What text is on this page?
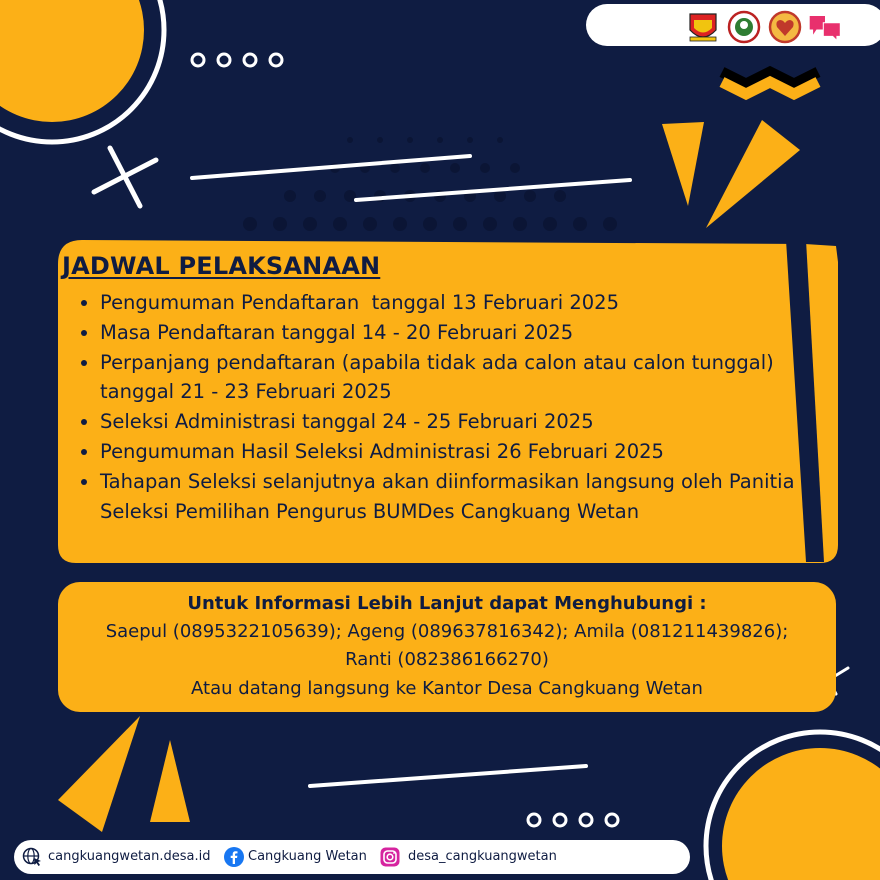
JADWAL PELAKSANAAN
• Pengumuman Pendaftaran  tanggal 13 Februari 2025
• Masa Pendaftaran tanggal 14 - 20 Februari 2025
• Perpanjang pendaftaran (apabila tidak ada calon atau calon tunggal) tanggal 21 - 23 Februari 2025
• Seleksi Administrasi tanggal 24 - 25 Februari 2025
• Pengumuman Hasil Seleksi Administrasi 26 Februari 2025
• Tahapan Seleksi selanjutnya akan diinformasikan langsung oleh Panitia Seleksi Pemilihan Pengurus BUMDes Cangkuang Wetan
Untuk Informasi Lebih Lanjut dapat Menghubungi :
Saepul (0895322105639); Ageng (089637816342); Amila (081211439826);
Ranti (082386166270)
Atau datang langsung ke Kantor Desa Cangkuang Wetan
cangkuangwetan.desa.id	Cangkuang Wetan	desa_cangkuangwetan
